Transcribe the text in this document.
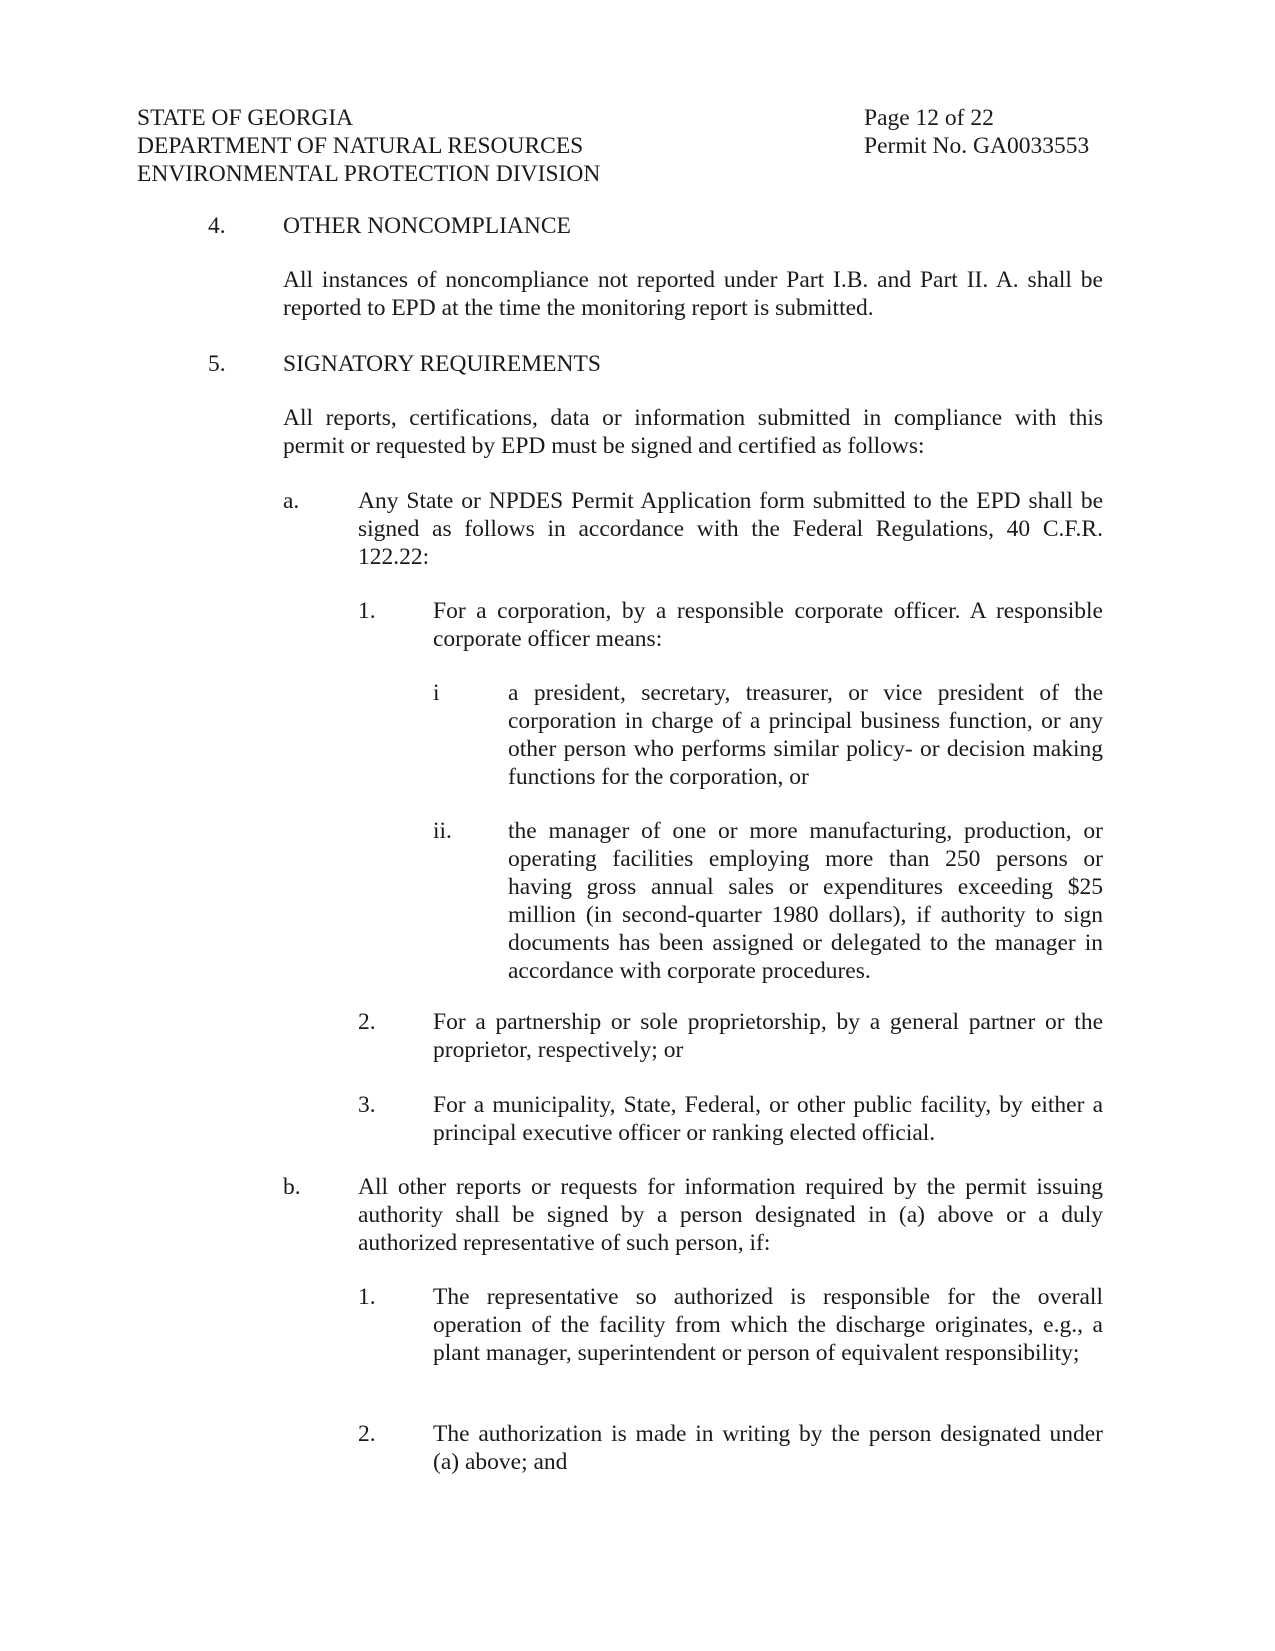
STATE OF GEORGIA
DEPARTMENT OF NATURAL RESOURCES
ENVIRONMENTAL PROTECTION DIVISION
Page 12 of 22
Permit No. GA0033553
4. OTHER NONCOMPLIANCE
All instances of noncompliance not reported under Part I.B. and Part II. A. shall be reported to EPD at the time the monitoring report is submitted.
5. SIGNATORY REQUIREMENTS
All reports, certifications, data or information submitted in compliance with this permit or requested by EPD must be signed and certified as follows:
a. Any State or NPDES Permit Application form submitted to the EPD shall be signed as follows in accordance with the Federal Regulations, 40 C.F.R. 122.22:
1. For a corporation, by a responsible corporate officer. A responsible corporate officer means:
i	a president, secretary, treasurer, or vice president of the corporation in charge of a principal business function, or any other person who performs similar policy- or decision making functions for the corporation, or
ii. the manager of one or more manufacturing, production, or operating facilities employing more than 250 persons or having gross annual sales or expenditures exceeding $25 million (in second-quarter 1980 dollars), if authority to sign documents has been assigned or delegated to the manager in accordance with corporate procedures.
2. For a partnership or sole proprietorship, by a general partner or the proprietor, respectively; or
3. For a municipality, State, Federal, or other public facility, by either a principal executive officer or ranking elected official.
b. All other reports or requests for information required by the permit issuing authority shall be signed by a person designated in (a) above or a duly authorized representative of such person, if:
1. The representative so authorized is responsible for the overall operation of the facility from which the discharge originates, e.g., a plant manager, superintendent or person of equivalent responsibility;
2. The authorization is made in writing by the person designated under (a) above; and
